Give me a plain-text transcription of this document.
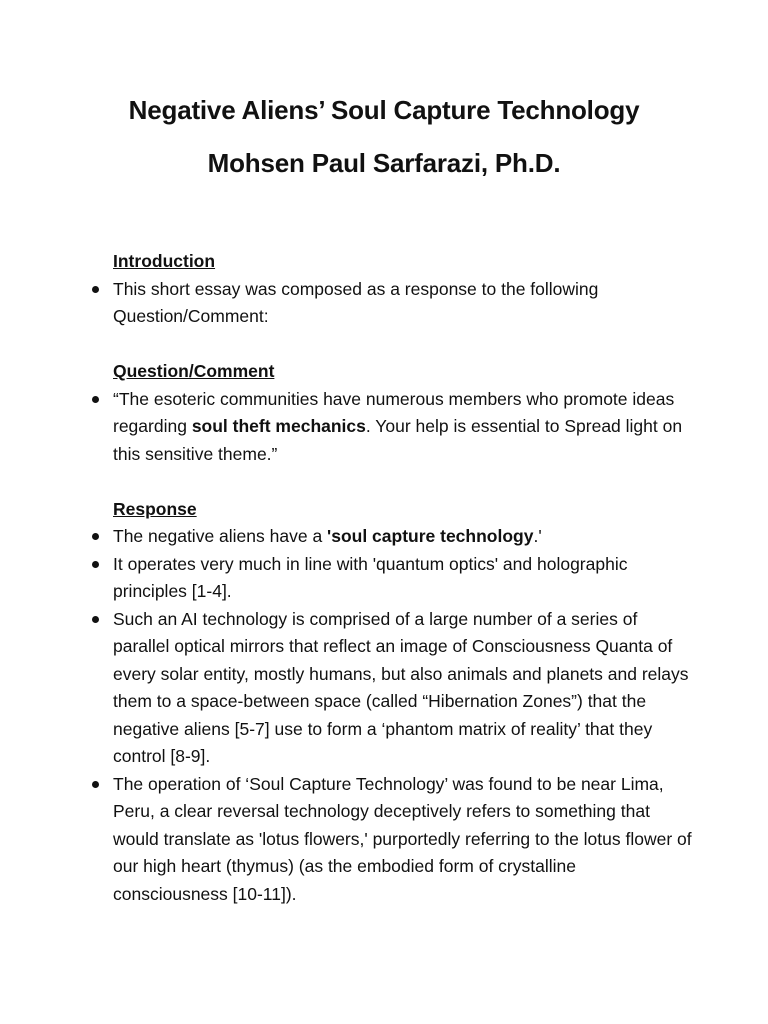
Negative Aliens’ Soul Capture Technology
Mohsen Paul Sarfarazi, Ph.D.
Introduction
This short essay was composed as a response to the following Question/Comment:
Question/Comment
“The esoteric communities have numerous members who promote ideas regarding soul theft mechanics. Your help is essential to Spread light on this sensitive theme.”
Response
The negative aliens have a 'soul capture technology.'
It operates very much in line with 'quantum optics' and holographic principles [1-4].
Such an AI technology is comprised of a large number of a series of parallel optical mirrors that reflect an image of Consciousness Quanta of every solar entity, mostly humans, but also animals and planets and relays them to a space-between space (called “Hibernation Zones”) that the negative aliens [5-7] use to form a ‘phantom matrix of reality’ that they control [8-9].
The operation of ‘Soul Capture Technology’ was found to be near Lima, Peru, a clear reversal technology deceptively refers to something that would translate as 'lotus flowers,' purportedly referring to the lotus flower of our high heart (thymus) (as the embodied form of crystalline consciousness [10-11]).
